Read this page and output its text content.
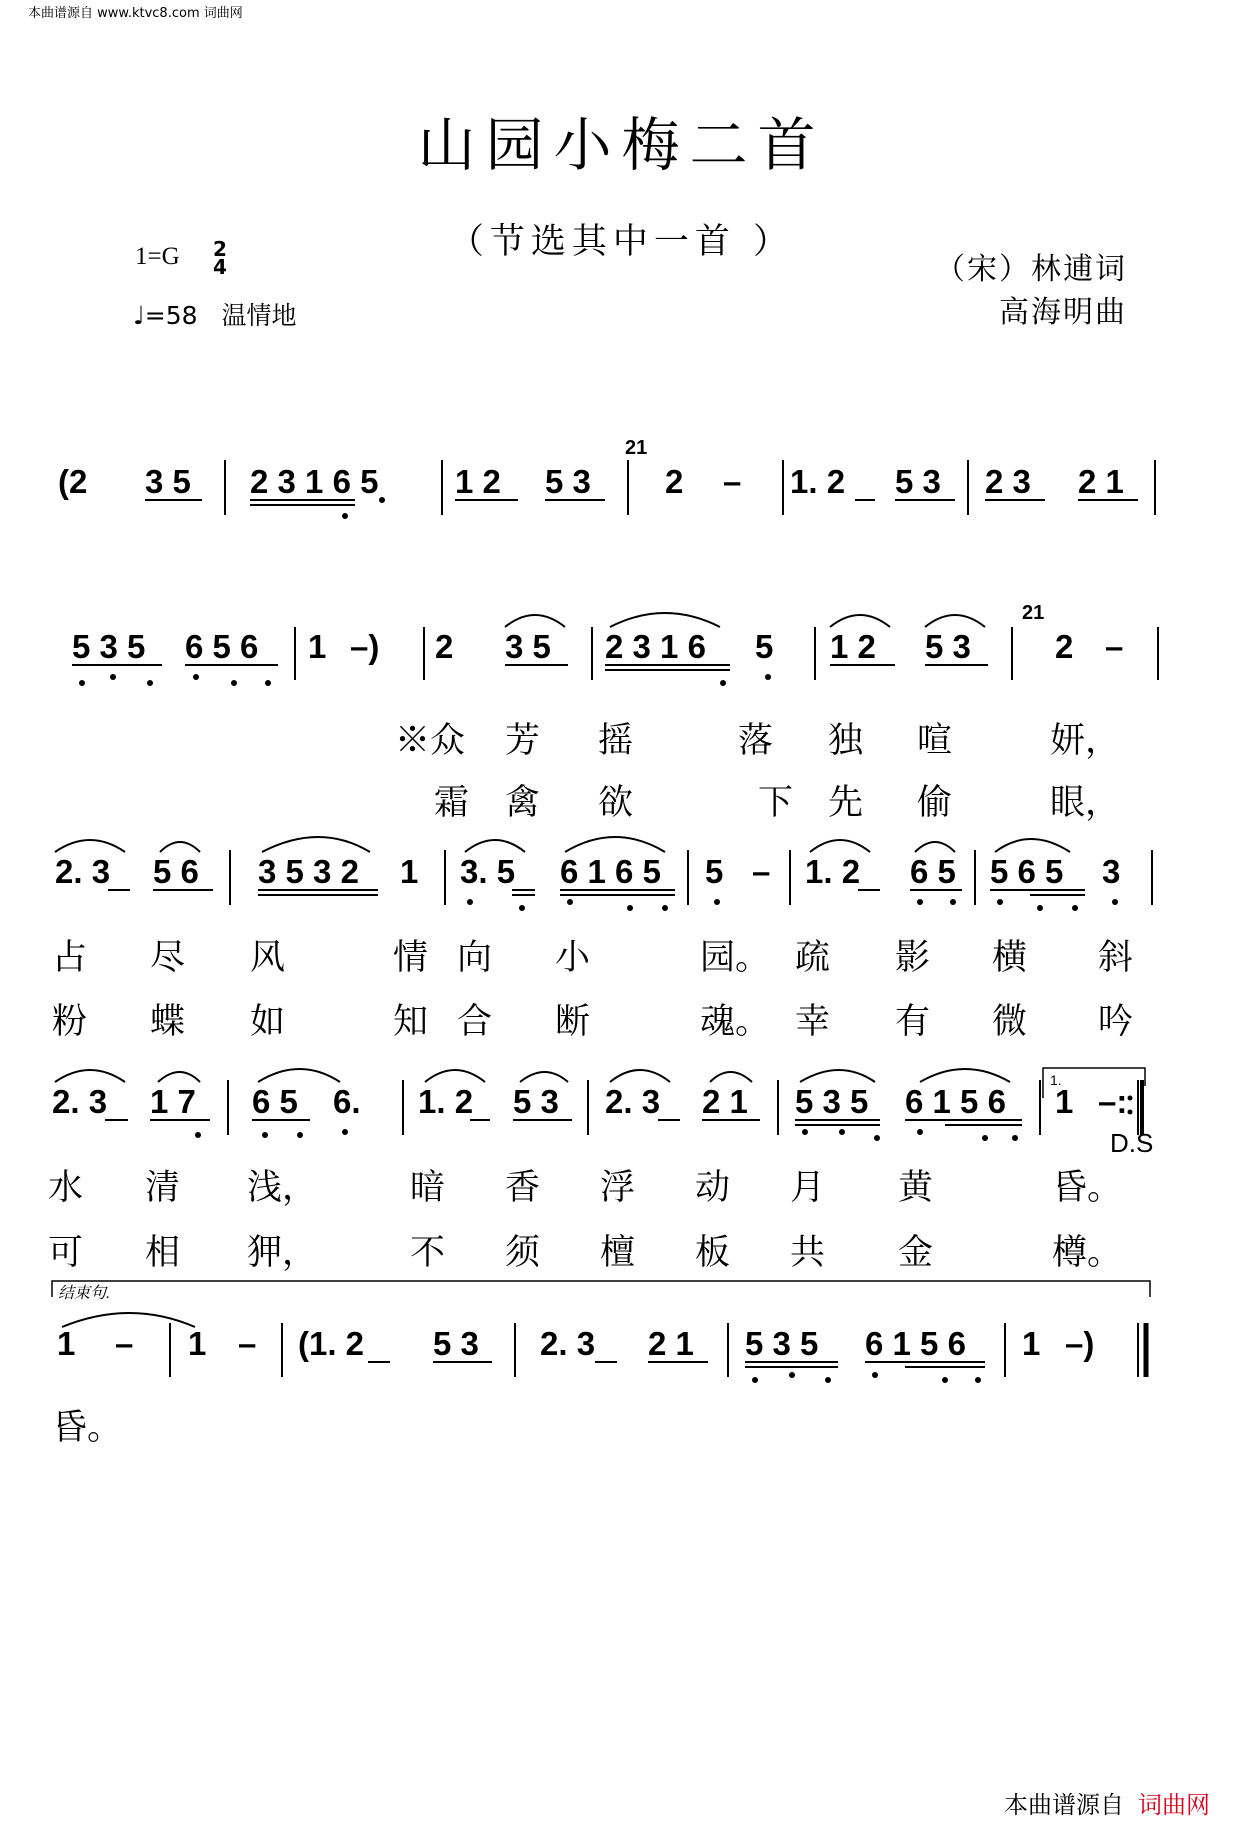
本曲谱源自 www.ktvc8.com 词曲网
山园小梅二首
（节选其中一首 ）
1=G 2
4
♩=58 温情地
（宋）林逋词
高海明曲
(2 3 5 2 3 1 6 5 1 2 5 3 2 – 1. 2 5 3 2 3 2 1
21
5 3 5 6 5 6 1 –) 2 3 5 2 3 1 6 5 1 2 5 3	2 –
21
※众 芳 摇	落 独 喧	妍，
霜 禽 欲	下 先 偷	眼，
2. 3 5 6 3 5 3 2 1 3. 5 6 1 6 5 5 – 1. 2 6 5 5 6 5 3
占 尽 风	情 向 小	园。 疏 影 横 斜
粉 蝶 如	知 合 断	魂。 幸 有 微 吟
1.
2. 3 1 7 6 5 6. 1. 2 5 3 2. 3 2 1 5 3 5 6 1 5 6 1 –:
D.S
水 清 浅，	暗 香 浮 动 月 黄	昏。
可 相 狎，	不 须 檀 板 共 金	樽。
结束句.
1 – 1 – (1. 2 5 3 2. 3 2 1 5 3 5 6 1 5 6 1 –)
昏。
本曲谱源自 词曲网
